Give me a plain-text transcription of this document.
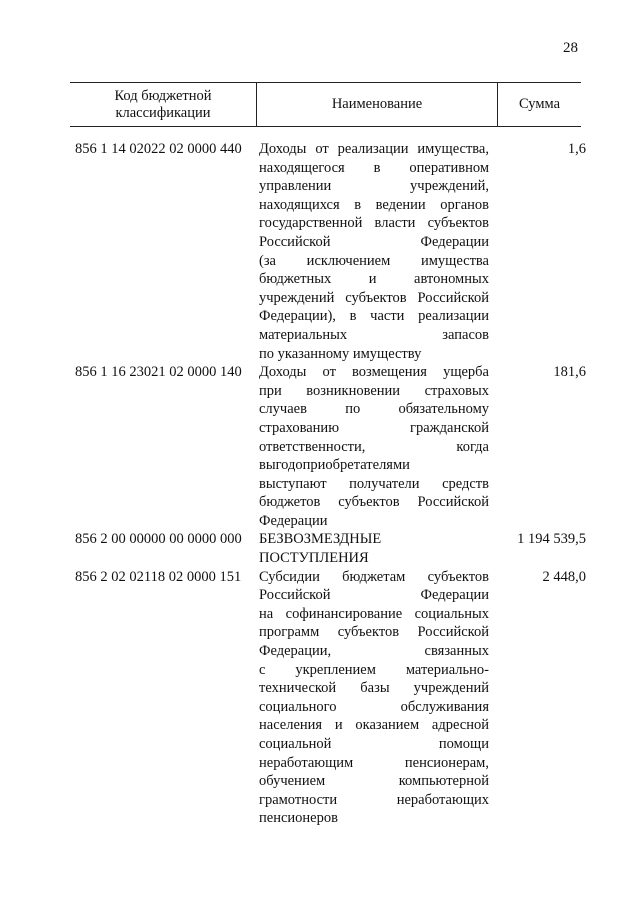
28
Код бюджетной классификации
Наименование	Сумма
856 1 14 02022 02 0000 440 Доходы от реализации имущества,
находящегося в оперативном
управлении учреждений,
находящихся в ведении органов
государственной власти субъектов
Российской Федерации
(за исключением имущества
бюджетных и автономных
учреждений субъектов Российской
Федерации), в части реализации
материальных запасов
по указанному имуществу
1,6
856 1 16 23021 02 0000 140 Доходы от возмещения ущерба
при возникновении страховых
случаев по обязательному
страхованию гражданской
ответственности, когда
выгодоприобретателями
выступают получатели средств
бюджетов субъектов Российской
Федерации
181,6
856 2 00 00000 00 0000 000 БЕЗВОЗМЕЗДНЫЕ
ПОСТУПЛЕНИЯ
1 194 539,5
856 2 02 02118 02 0000 151 Субсидии бюджетам субъектов
Российской Федерации
на софинансирование социальных
программ субъектов Российской
Федерации, связанных
с укреплением материально-
технической базы учреждений
социального обслуживания
населения и оказанием адресной
социальной помощи
неработающим пенсионерам,
обучением компьютерной
грамотности неработающих
пенсионеров
2 448,0
